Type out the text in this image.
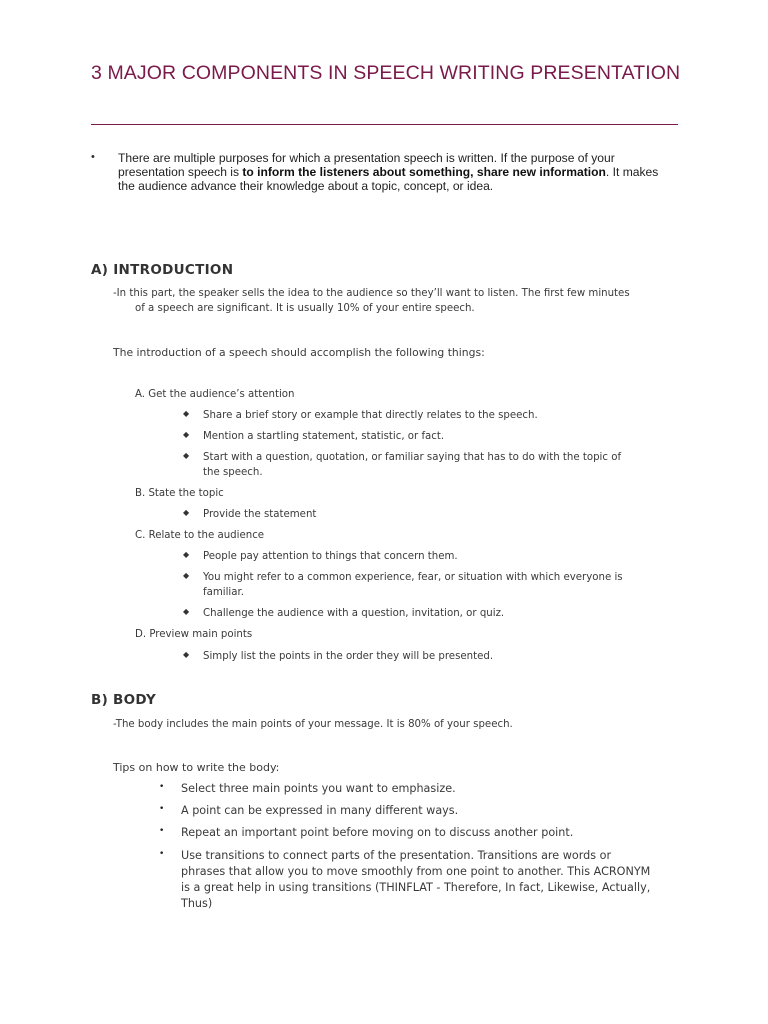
3 MAJOR COMPONENTS IN SPEECH WRITING PRESENTATION
• There are multiple purposes for which a presentation speech is written. If the purpose of your presentation speech is to inform the listeners about something, share new information. It makes the audience advance their knowledge about a topic, concept, or idea.
A) INTRODUCTION
-In this part, the speaker sells the idea to the audience so they’ll want to listen. The first few minutes
of a speech are significant. It is usually 10% of your entire speech.
The introduction of a speech should accomplish the following things:
A. Get the audience’s attention
◆ Share a brief story or example that directly relates to the speech.
◆ Mention a startling statement, statistic, or fact.
◆ Start with a question, quotation, or familiar saying that has to do with the topic of
the speech.
B. State the topic
◆ Provide the statement
C. Relate to the audience
◆ People pay attention to things that concern them.
◆ You might refer to a common experience, fear, or situation with which everyone is
familiar.
◆ Challenge the audience with a question, invitation, or quiz.
D. Preview main points
◆ Simply list the points in the order they will be presented.
B) BODY
-The body includes the main points of your message. It is 80% of your speech.
Tips on how to write the body:
• Select three main points you want to emphasize.
• A point can be expressed in many different ways.
• Repeat an important point before moving on to discuss another point.
• Use transitions to connect parts of the presentation. Transitions are words or phrases that allow you to move smoothly from one point to another. This ACRONYM is a great help in using transitions (THINFLAT - Therefore, In fact, Likewise, Actually, Thus)
